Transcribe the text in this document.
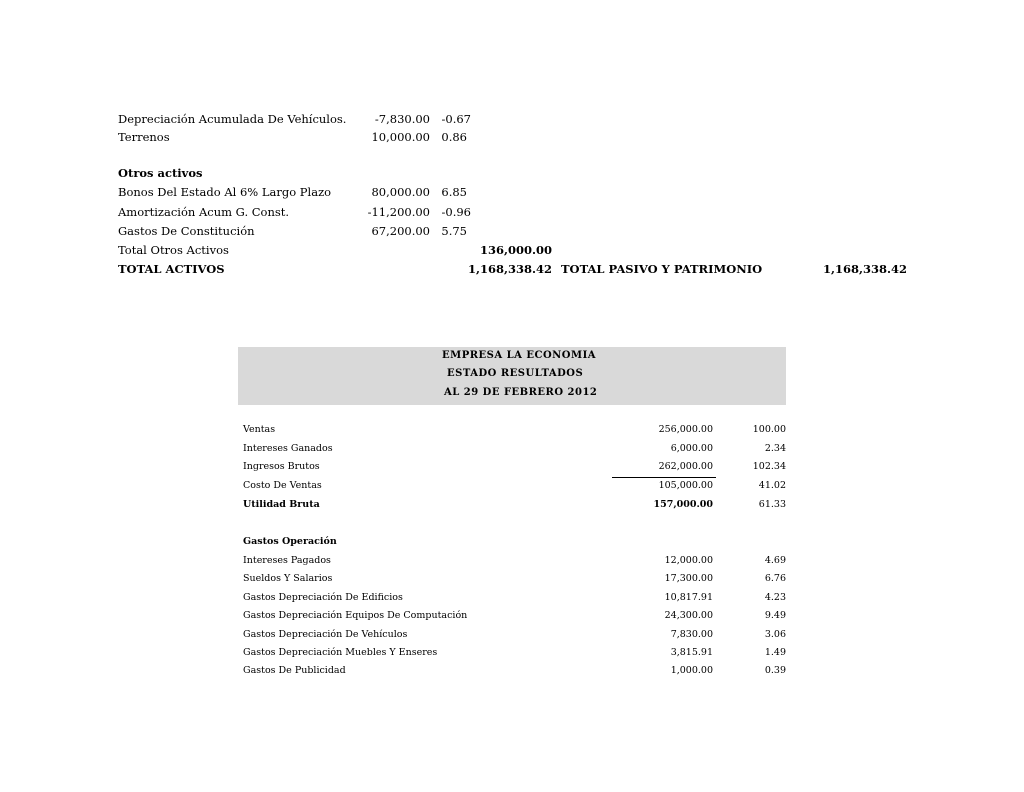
Depreciación Acumulada De Vehículos. -7,830.00 -0.67
Terrenos	10,000.00 0.86
Otros activos
Bonos Del Estado Al 6% Largo Plazo	80,000.00 6.85
Amortización Acum G. Const.	-11,200.00 -0.96
Gastos De Constitución	67,200.00 5.75
Total Otros Activos	136,000.00
TOTAL ACTIVOS	1,168,338.42 TOTAL PASIVO Y PATRIMONIO	1,168,338.42
EMPRESA LA ECONOMIA
ESTADO RESULTADOS
AL 29 DE FEBRERO 2012
Ventas	256,000.00	100.00
Intereses Ganados	6,000.00	2.34
Ingresos Brutos	262,000.00	102.34
Costo De Ventas	105,000.00	41.02
Utilidad Bruta	157,000.00	61.33
Gastos Operación
Intereses Pagados	12,000.00	4.69
Sueldos Y Salarios	17,300.00	6.76
Gastos Depreciación De Edificios	10,817.91	4.23
Gastos Depreciación Equipos De Computación	24,300.00	9.49
Gastos Depreciación De Vehículos	7,830.00	3.06
Gastos Depreciación Muebles Y Enseres	3,815.91	1.49
Gastos De Publicidad	1,000.00	0.39
